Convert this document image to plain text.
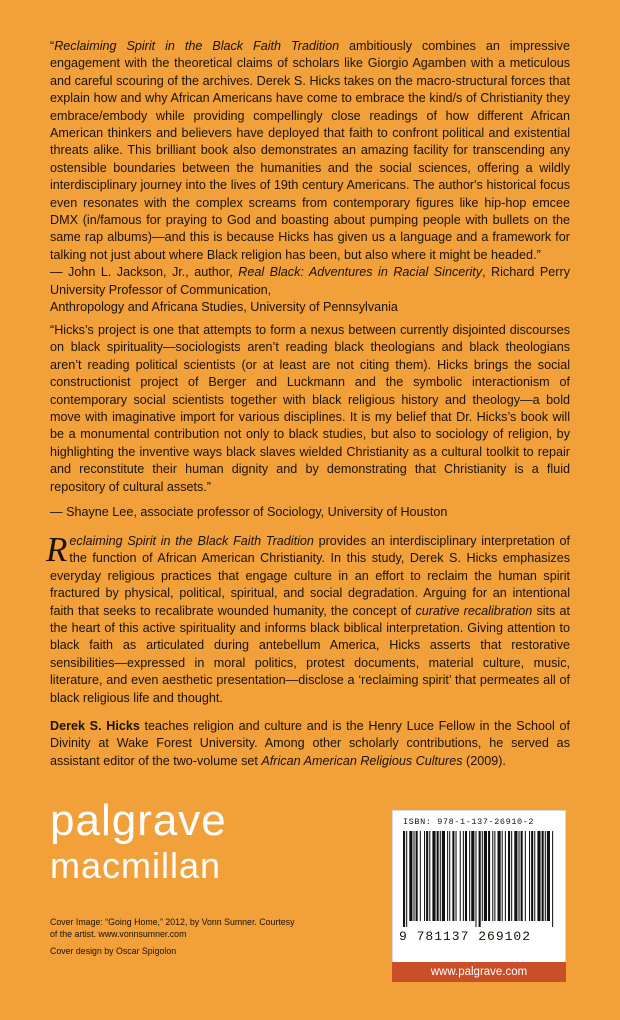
“Reclaiming Spirit in the Black Faith Tradition ambitiously combines an impressive engagement with the theoretical claims of scholars like Giorgio Agamben with a meticulous and careful scouring of the archives. Derek S. Hicks takes on the macro-structural forces that explain how and why African Americans have come to embrace the kind/s of Christianity they embrace/embody while providing compellingly close readings of how different African American thinkers and believers have deployed that faith to confront political and existential threats alike. This brilliant book also demonstrates an amazing facility for transcending any ostensible boundaries between the humanities and the social sciences, offering a wildly interdisciplinary journey into the lives of 19th century Americans. The author's historical focus even resonates with the complex screams from contemporary figures like hip-hop emcee DMX (in/famous for praying to God and boasting about pumping people with bullets on the same rap albums)—and this is because Hicks has given us a language and a framework for talking not just about where Black religion has been, but also where it might be headed.”

— John L. Jackson, Jr., author, Real Black: Adventures in Racial Sincerity, Richard Perry University Professor of Communication,

Anthropology and Africana Studies, University of Pennsylvania

“Hicks’s project is one that attempts to form a nexus between currently disjointed discourses on black spirituality—sociologists aren’t reading black theologians and black theologians aren’t reading political scientists (or at least are not citing them). Hicks brings the social constructionist project of Berger and Luckmann and the symbolic interactionism of contemporary social scientists together with black religious history and theology—a bold move with imaginative import for various disciplines. It is my belief that Dr. Hicks’s book will be a monumental contribution not only to black studies, but also to sociology of religion, by highlighting the inventive ways black slaves wielded Christianity as a cultural toolkit to repair and reconstitute their human dignity and by demonstrating that Christianity is a fluid repository of cultural assets.”

— Shayne Lee, associate professor of Sociology, University of Houston

Reclaiming Spirit in the Black Faith Tradition provides an interdisciplinary interpretation of the function of African American Christianity. In this study, Derek S. Hicks emphasizes everyday religious practices that engage culture in an effort to reclaim the human spirit fractured by physical, political, spiritual, and social degradation. Arguing for an intentional faith that seeks to recalibrate wounded humanity, the concept of curative recalibration sits at the heart of this active spirituality and informs black biblical interpretation. Giving attention to black faith as articulated during antebellum America, Hicks asserts that restorative sensibilities—expressed in moral politics, protest documents, material culture, music, literature, and even aesthetic presentation—disclose a ‘reclaiming spirit’ that permeates all of black religious life and thought.

Derek S. Hicks teaches religion and culture and is the Henry Luce Fellow in the School of Divinity at Wake Forest University. Among other scholarly contributions, he served as assistant editor of the two-volume set African American Religious Cultures (2009).

palgrave
macmillan

Cover Image: “Going Home,” 2012, by Vonn Sumner. Courtesy

of the artist. www.vonnsumner.com

Cover design by Oscar Spigolon

ISBN: 978-1-137-26910-2
9 781137 269102
www.palgrave.com
